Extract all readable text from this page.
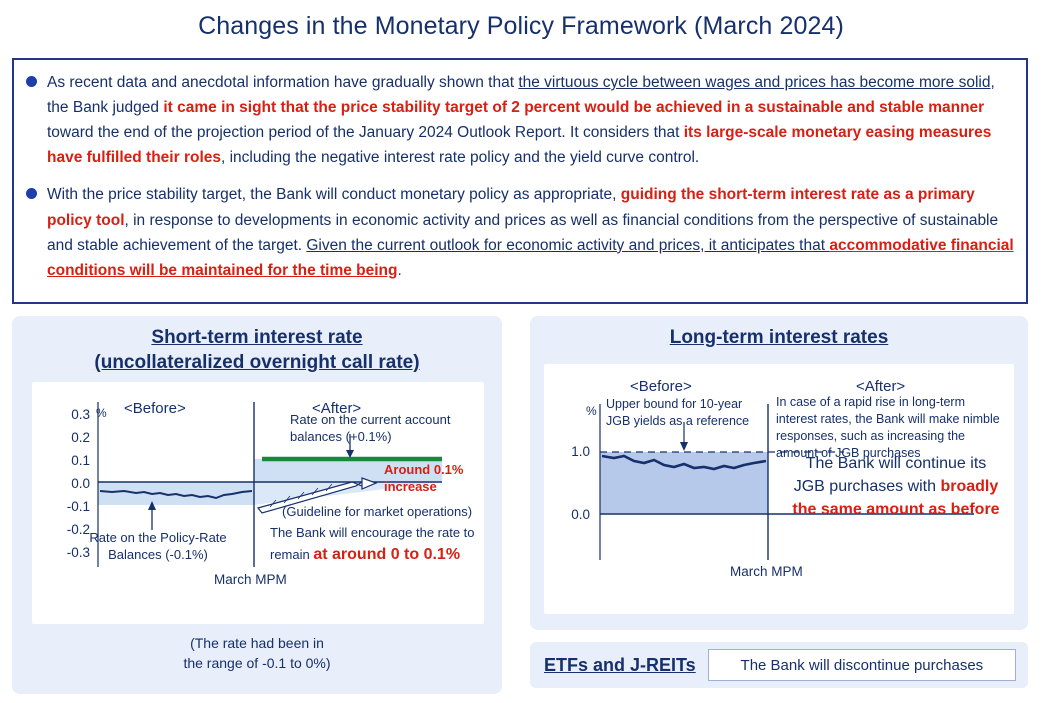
Changes in the Monetary Policy Framework (March 2024)
As recent data and anecdotal information have gradually shown that the virtuous cycle between wages and prices has become more solid, the Bank judged it came in sight that the price stability target of 2 percent would be achieved in a sustainable and stable manner toward the end of the projection period of the January 2024 Outlook Report. It considers that its large-scale monetary easing measures have fulfilled their roles, including the negative interest rate policy and the yield curve control.
With the price stability target, the Bank will conduct monetary policy as appropriate, guiding the short-term interest rate as a primary policy tool, in response to developments in economic activity and prices as well as financial conditions from the perspective of sustainable and stable achievement of the target. Given the current outlook for economic activity and prices, it anticipates that accommodative financial conditions will be maintained for the time being.
Short-term interest rate
(uncollateralized overnight call rate)
<Before>	<After>
%
0.3
0.2
0.1
0.0
-0.1
-0.2
-0.3
Rate on the current account balances (+0.1%)
Around 0.1% increase
(Guideline for market operations)
The Bank will encourage the rate to remain at around 0 to 0.1%
Rate on the Policy-Rate Balances (-0.1%)
March MPM
(The rate had been in
the range of -0.1 to 0%)
Long-term interest rates
<Before>	<After>
%
1.0
0.0
Upper bound for 10-year JGB yields as a reference
In case of a rapid rise in long-term interest rates, the Bank will make nimble responses, such as increasing the amount of JGB purchases
The Bank will continue its JGB purchases with broadly the same amount as before
March MPM
ETFs and J-REITs	The Bank will discontinue purchases
